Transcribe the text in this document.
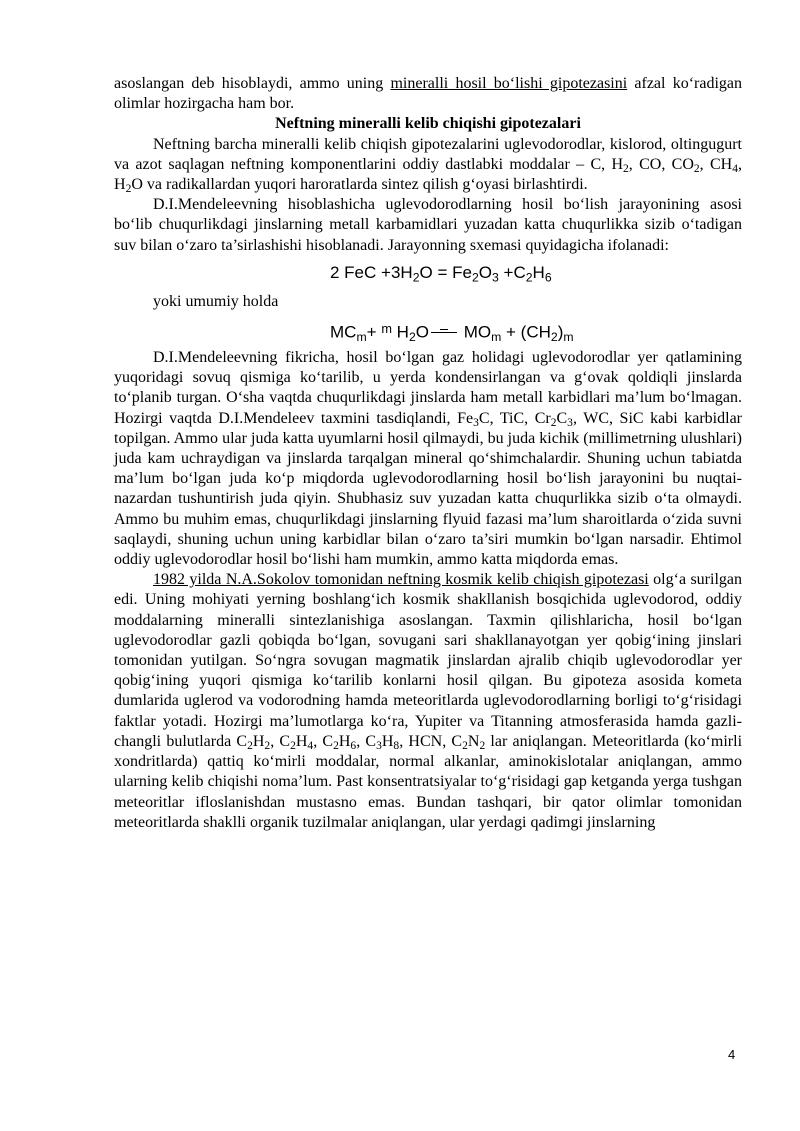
asoslangan deb hisoblaydi, ammo uning mineralli hosil bo‘lishi gipotezasini afzal ko‘radigan olimlar hozirgacha ham bor.

Neftning mineralli kelib chiqishi gipotezalari

Neftning barcha mineralli kelib chiqish gipotezalarini uglevodorodlar, kislorod, oltingugurt va azot saqlagan neftning komponentlarini oddiy dastlabki moddalar – C, $H_2$, CO, $CO_2$, $CH_4$, $H_2O$ va radikallardan yuqori haroratlarda sintez qilish g‘oyasi birlashtirdi.

D.I.Mendeleevning hisoblashicha uglevodorodlarning hosil bo‘lish jarayonining asosi bo‘lib chuqurlikdagi jinslarning metall karbamidlari yuzadan katta chuqurlikka sizib o‘tadigan suv bilan o‘zaro ta’sirlashishi hisoblanadi. Jarayonning sxemasi quyidagicha ifolanadi:

2 FeC $+3H_2O = Fe_2O_3 +C_2H_6$

yoki umumiy holda

$MC_m+ ^m$ $H_2O$ $MO_m + (CH_2)_m$

D.I.Mendeleevning fikricha, hosil bo‘lgan gaz holidagi uglevodorodlar yer qatlamining yuqoridagi sovuq qismiga ko‘tarilib, u yerda kondensirlangan va g‘ovak qoldiqli jinslarda to‘planib turgan. O‘sha vaqtda chuqurlikdagi jinslarda ham metall karbidlari ma’lum bo‘lmagan. Hozirgi vaqtda D.I.Mendeleev taxmini tasdiqlandi, $Fe_3C$, TiC, $Cr_2C_3$, WC, SiC kabi karbidlar topilgan. Ammo ular juda katta uyumlarni hosil qilmaydi, bu juda kichik (millimetrning ulushlari) juda kam uchraydigan va jinslarda tarqalgan mineral qo‘shimchalardir. Shuning uchun tabiatda ma’lum bo‘lgan juda ko‘p miqdorda uglevodorodlarning hosil bo‘lish jarayonini bu nuqtai-nazardan tushuntirish juda qiyin. Shubhasiz suv yuzadan katta chuqurlikka sizib o‘ta olmaydi. Ammo bu muhim emas, chuqurlikdagi jinslarning flyuid fazasi ma’lum sharoitlarda o‘zida suvni saqlaydi, shuning uchun uning karbidlar bilan o‘zaro ta’siri mumkin bo‘lgan narsadir. Ehtimol oddiy uglevodorodlar hosil bo‘lishi ham mumkin, ammo katta miqdorda emas.

1982 yilda N.A.Sokolov tomonidan neftning kosmik kelib chiqish gipotezasi olg‘a surilgan edi. Uning mohiyati yerning boshlang‘ich kosmik shakllanish bosqichida uglevodorod, oddiy moddalarning mineralli sintezlanishiga asoslangan. Taxmin qilishlaricha, hosil bo‘lgan uglevodorodlar gazli qobiqda bo‘lgan, sovugani sari shakllanayotgan yer qobig‘ining jinslari tomonidan yutilgan. So‘ngra sovugan magmatik jinslardan ajralib chiqib uglevodorodlar yer qobig‘ining yuqori qismiga ko‘tarilib konlarni hosil qilgan. Bu gipoteza asosida kometa dumlarida uglerod va vodorodning hamda meteoritlarda uglevodorodlarning borligi to‘g‘risidagi faktlar yotadi. Hozirgi ma’lumotlarga ko‘ra, Yupiter va Titanning atmosferasida hamda gazli-changli bulutlarda $C_2H_2$, $C_2H_4$, $C_2H_6$, $C_3H_8$, HCN, $C_2N_2$ lar aniqlangan. Meteoritlarda (ko‘mirli xondritlarda) qattiq ko‘mirli moddalar, normal alkanlar, aminokislotalar aniqlangan, ammo ularning kelib chiqishi noma’lum. Past konsentratsiyalar to‘g‘risidagi gap ketganda yerga tushgan meteoritlar ifloslanishdan mustasno emas. Bundan tashqari, bir qator olimlar tomonidan meteoritlarda shaklli organik tuzilmalar aniqlangan, ular yerdagi qadimgi jinslarning

4
